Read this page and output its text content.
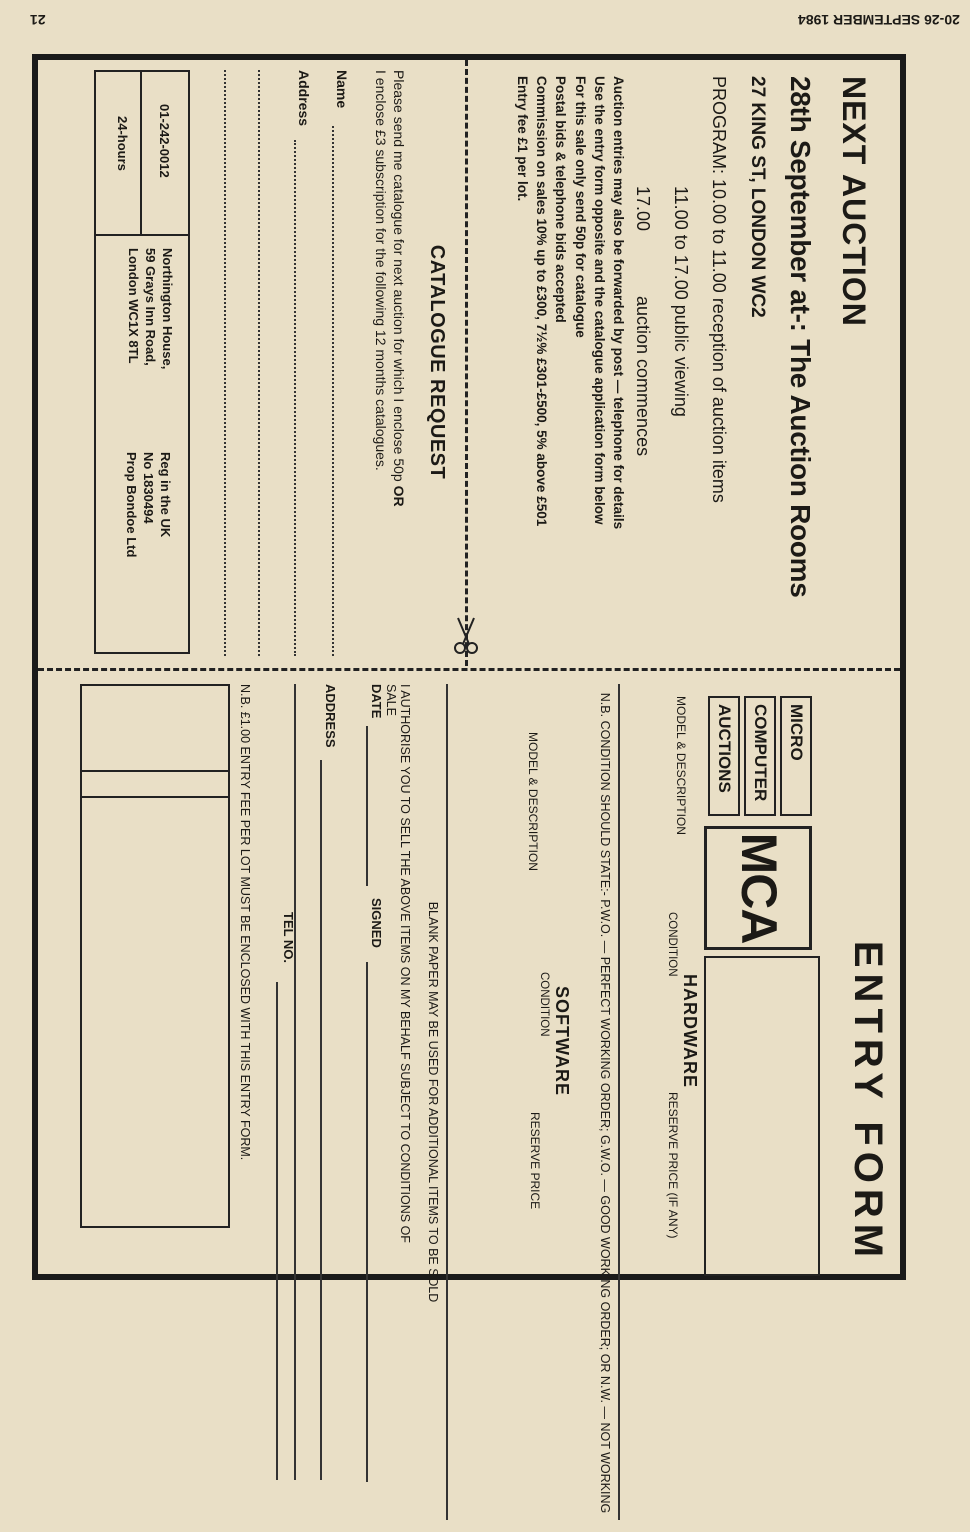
20-26 SEPTEMBER 1984
21
NEXT AUCTION
28th September at-: The Auction Rooms
27 KING ST, LONDON WC2
PROGRAM: 10.00 to 11.00 reception of auction items
11.00 to 17.00 public viewing
17.00auction commences
Auction entries may also be forwarded by post — telephone for details
Use the entry form opposite and the catalogue application form below
For this sale only send 50p for catalogue
Postal bids & telephone bids accepted
Commission on sales 10% up to £300, 7½% £301-£500, 5% above £501
Entry fee £1 per lot.
CATALOGUE REQUEST
Please send me catalogue for next auction for which I enclose 50p OR
I enclose £3 subscription for the following 12 months catalogues.
Name
Address
01-242-0012
24-hours
Northington House,
59 Grays Inn Road,
London WC1X 8TL
Reg in the UK
No 1830494
Prop Bondoe Ltd
ENTRY FORM
MICRO
COMPUTER
AUCTIONS
MCA
HARDWARE
MODEL & DESCRIPTION
CONDITION
RESERVE PRICE (IF ANY)
N.B. CONDITION SHOULD STATE:- P.W.O. — PERFECT WORKING ORDER; G.W.O. — GOOD WORKING ORDER; OR N.W. — NOT WORKING
SOFTWARE
MODEL & DESCRIPTION
CONDITION
RESERVE PRICE
BLANK PAPER MAY BE USED FOR ADDITIONAL ITEMS TO BE SOLD
I AUTHORISE YOU TO SELL THE ABOVE ITEMS ON MY BEHALF SUBJECT TO CONDITIONS OF SALE
DATE
SIGNED
ADDRESS
TEL NO.
N.B. £1.00 ENTRY FEE PER LOT MUST BE ENCLOSED WITH THIS ENTRY FORM.
